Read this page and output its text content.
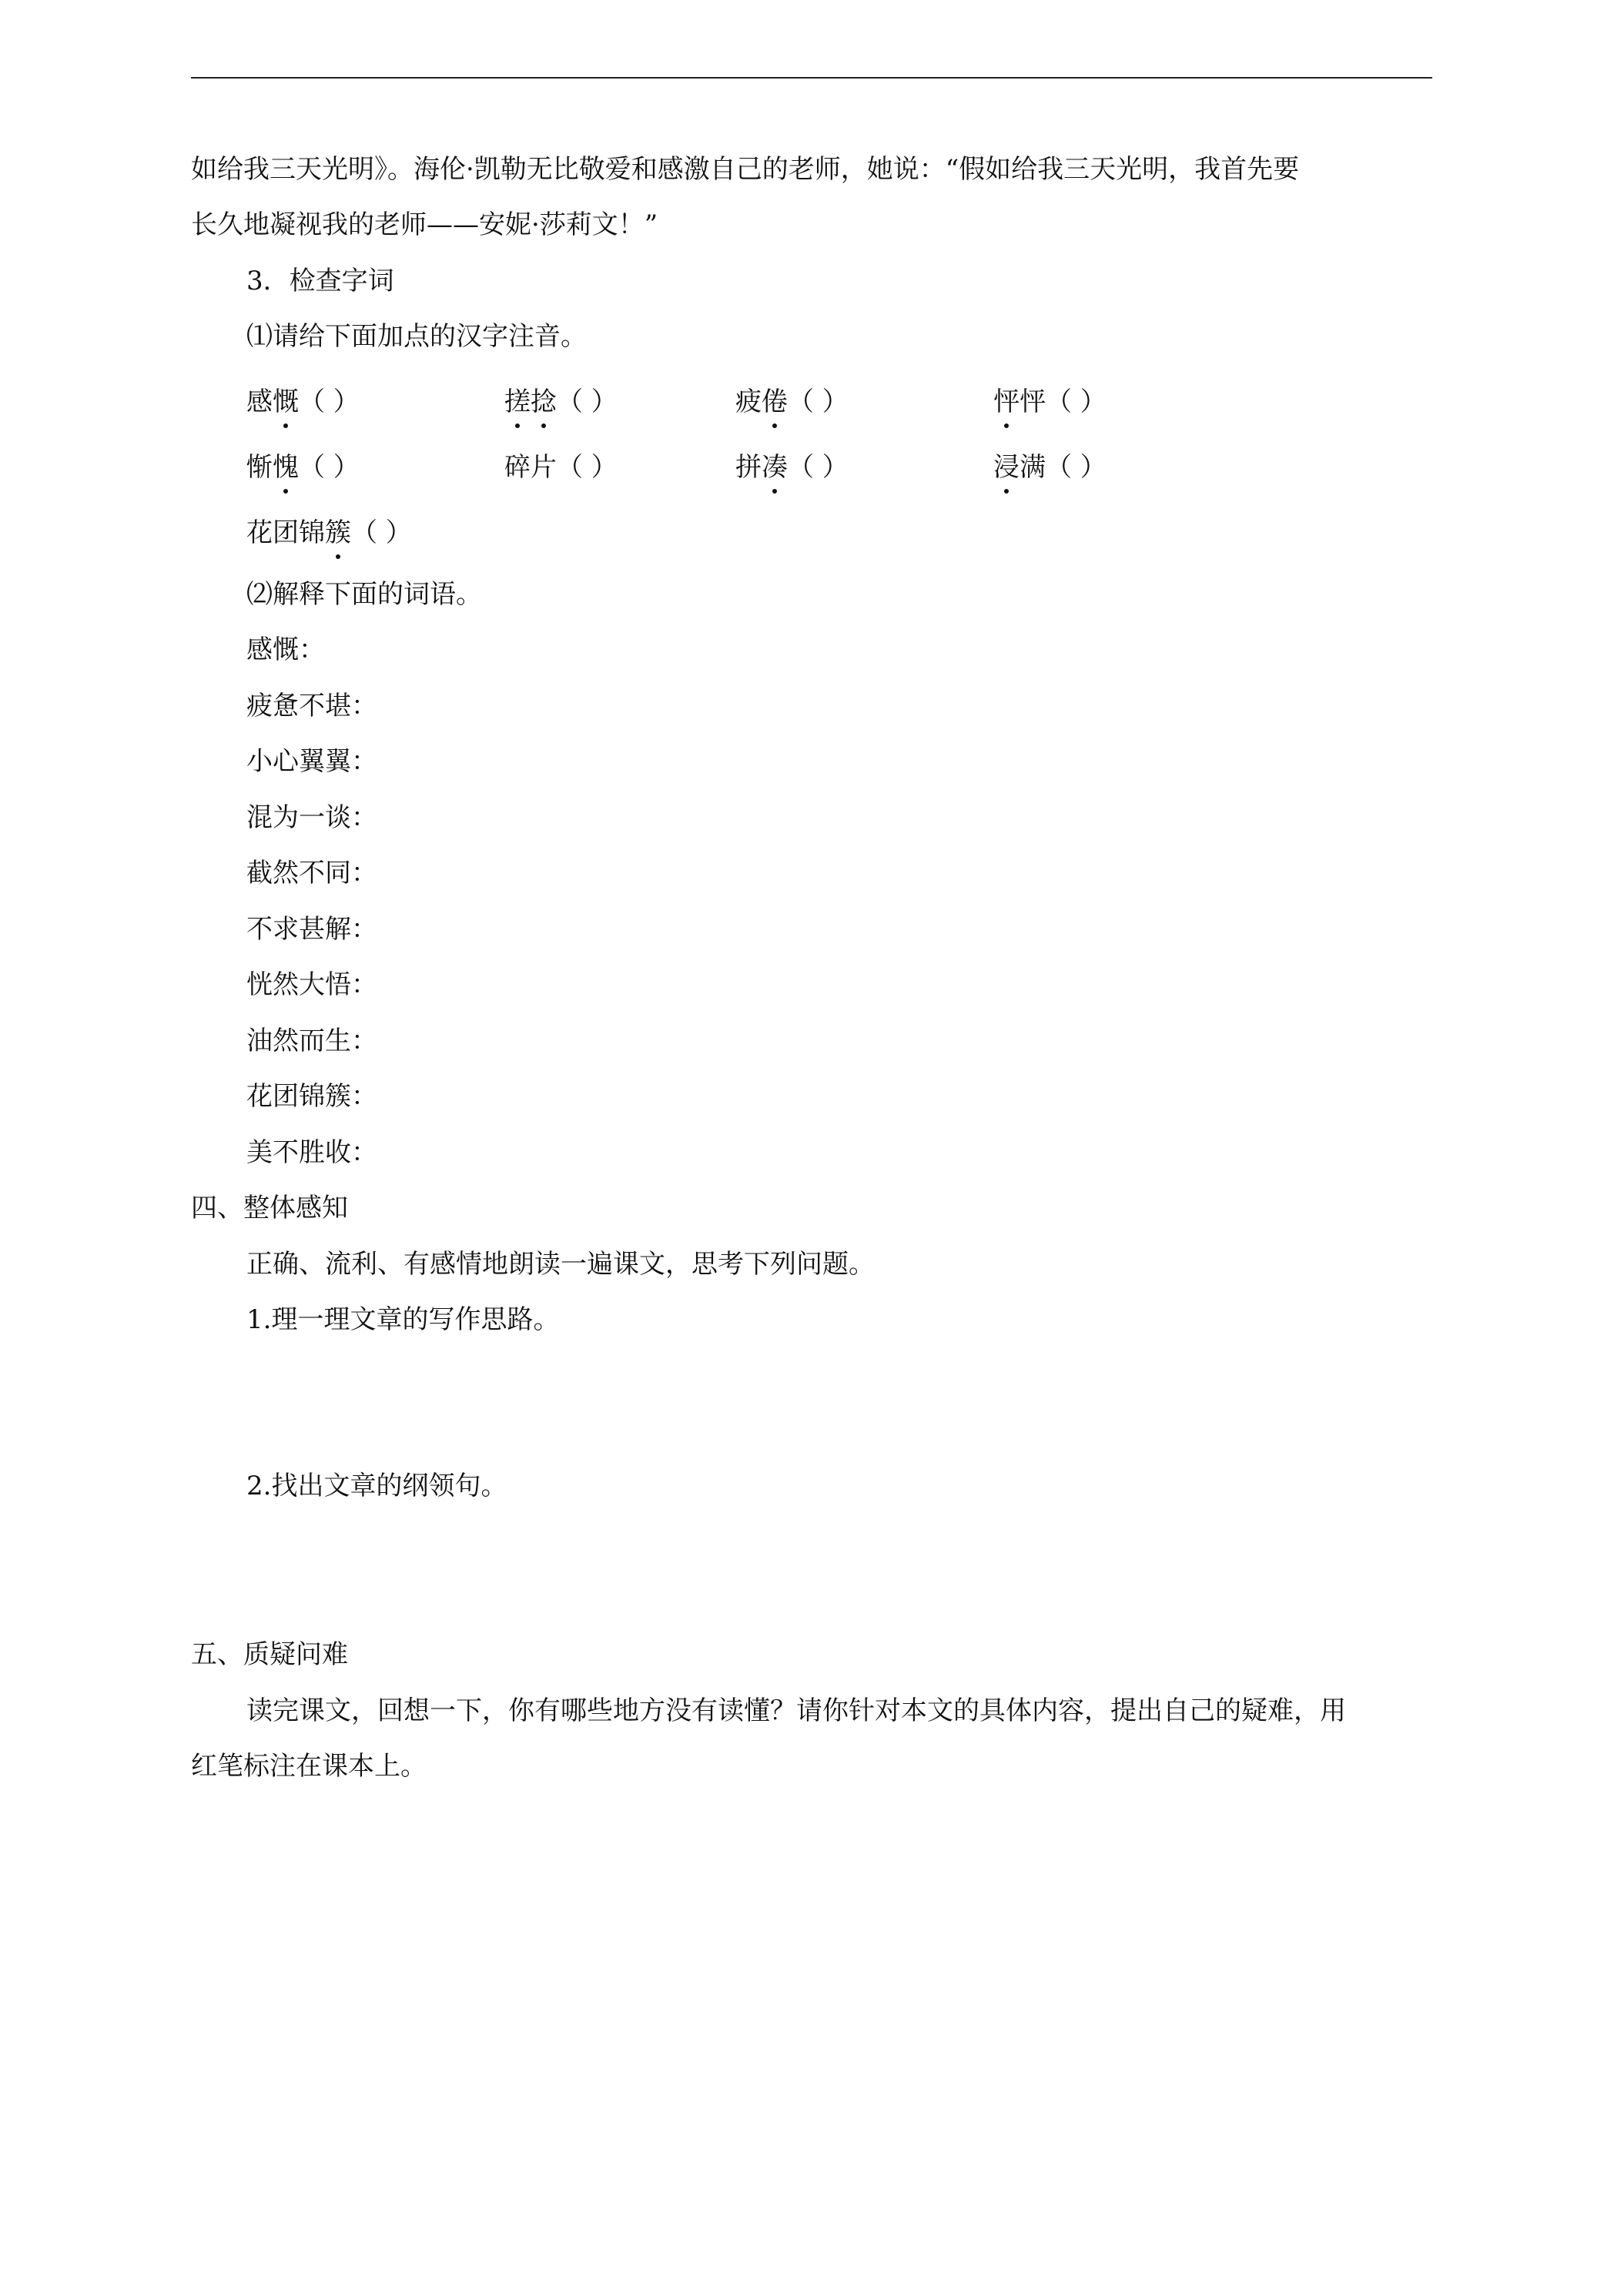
如给我三天光明》。海伦·凯勒无比敬爱和感激自己的老师，她说：“假如给我三天光明，我首先要
长久地凝视我的老师——安妮·莎莉文！”
3．检查字词
⑴请给下面加点的汉字注音。
感慨（ ）	搓捻（ ）	疲倦（ ）	怦怦（ ）
惭愧（ ）	碎片（ ）	拼凑（ ）	浸满（ ）
花团锦簇（ ）
⑵解释下面的词语。
感慨：
疲惫不堪：
小心翼翼：
混为一谈：
截然不同：
不求甚解：
恍然大悟：
油然而生：
花团锦簇：
美不胜收：
四、整体感知
正确、流利、有感情地朗读一遍课文，思考下列问题。
1.理一理文章的写作思路。
2.找出文章的纲领句。
五、质疑问难
读完课文，回想一下，你有哪些地方没有读懂？请你针对本文的具体内容，提出自己的疑难，用
红笔标注在课本上。
